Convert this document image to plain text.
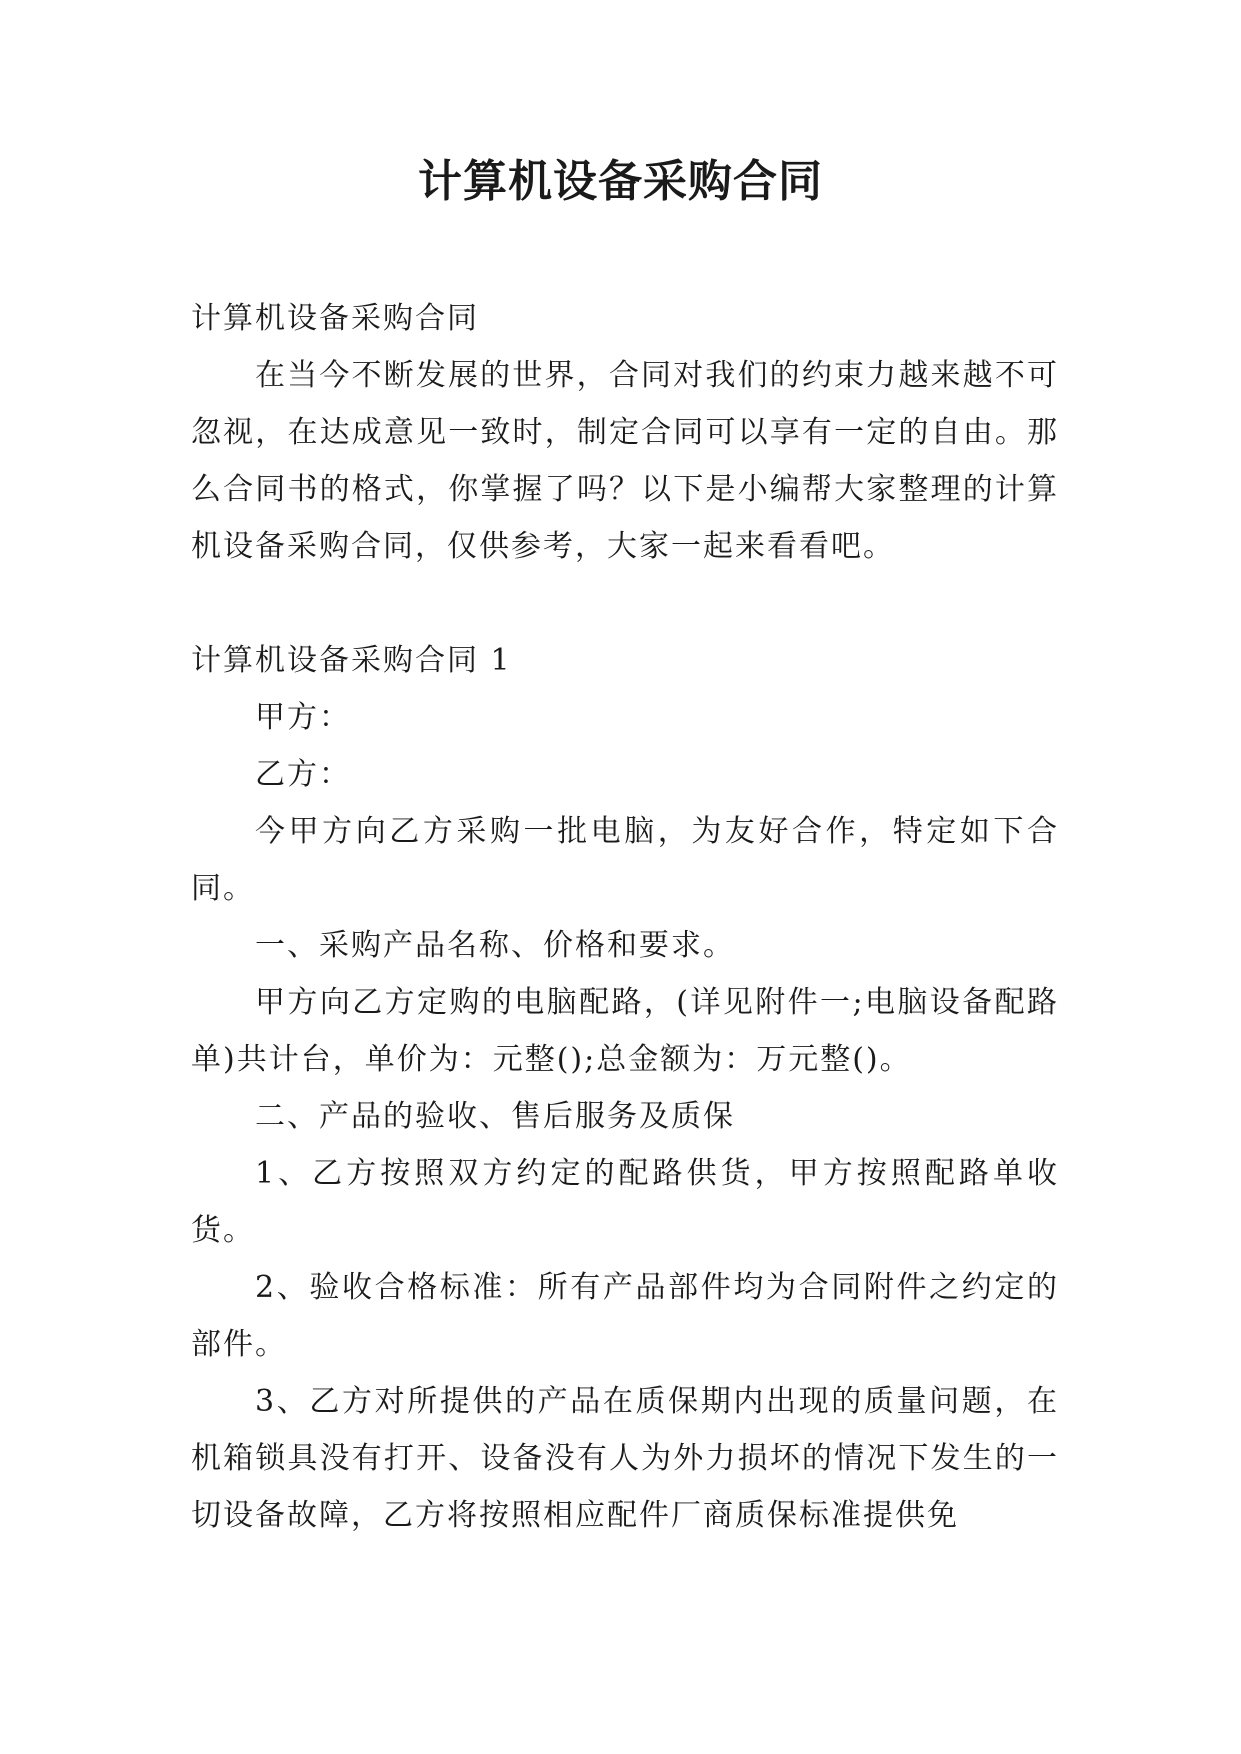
计算机设备采购合同

计算机设备采购合同

在当今不断发展的世界，合同对我们的约束力越来越不可忽视，在达成意见一致时，制定合同可以享有一定的自由。那么合同书的格式，你掌握了吗？以下是小编帮大家整理的计算机设备采购合同，仅供参考，大家一起来看看吧。

计算机设备采购合同 1

甲方：

乙方：

今甲方向乙方采购一批电脑，为友好合作，特定如下合同。

一、采购产品名称、价格和要求。

甲方向乙方定购的电脑配路，(详见附件一;电脑设备配路单)共计台，单价为：元整();总金额为：万元整()。

二、产品的验收、售后服务及质保

1、乙方按照双方约定的配路供货，甲方按照配路单收货。

2、验收合格标准：所有产品部件均为合同附件之约定的部件。

3、乙方对所提供的产品在质保期内出现的质量问题，在机箱锁具没有打开、设备没有人为外力损坏的情况下发生的一切设备故障，乙方将按照相应配件厂商质保标准提供免
